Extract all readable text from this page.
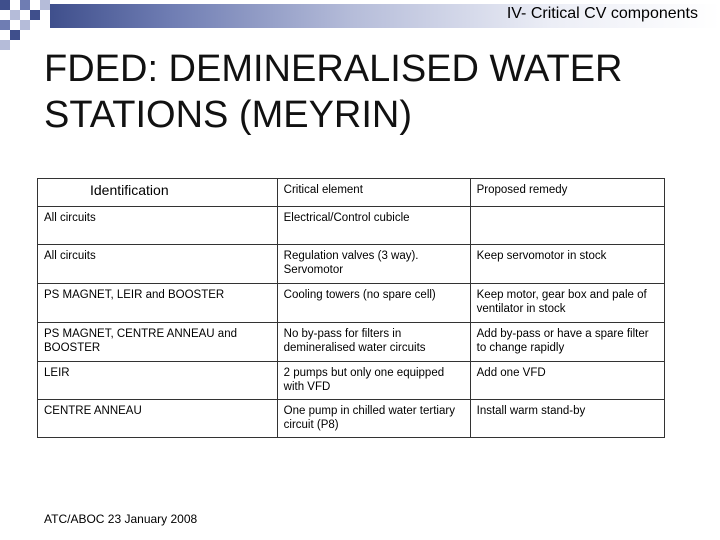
IV- Critical CV components
FDED: DEMINERALISED WATER STATIONS (MEYRIN)
Identification	Critical element	Proposed remedy
All circuits	Electrical/Control cubicle	
All circuits	Regulation valves (3 way). Servomotor	Keep servomotor in stock
PS MAGNET, LEIR and BOOSTER	Cooling towers (no spare cell)	Keep motor, gear box and pale of ventilator in stock
PS MAGNET, CENTRE ANNEAU and BOOSTER	No by-pass for filters in demineralised water circuits	Add by-pass or have a spare filter to change rapidly
LEIR	2 pumps but only one equipped with VFD	Add one VFD
CENTRE ANNEAU	One pump in chilled water tertiary circuit (P8)	Install warm stand-by
ATC/ABOC 23 January 2008
